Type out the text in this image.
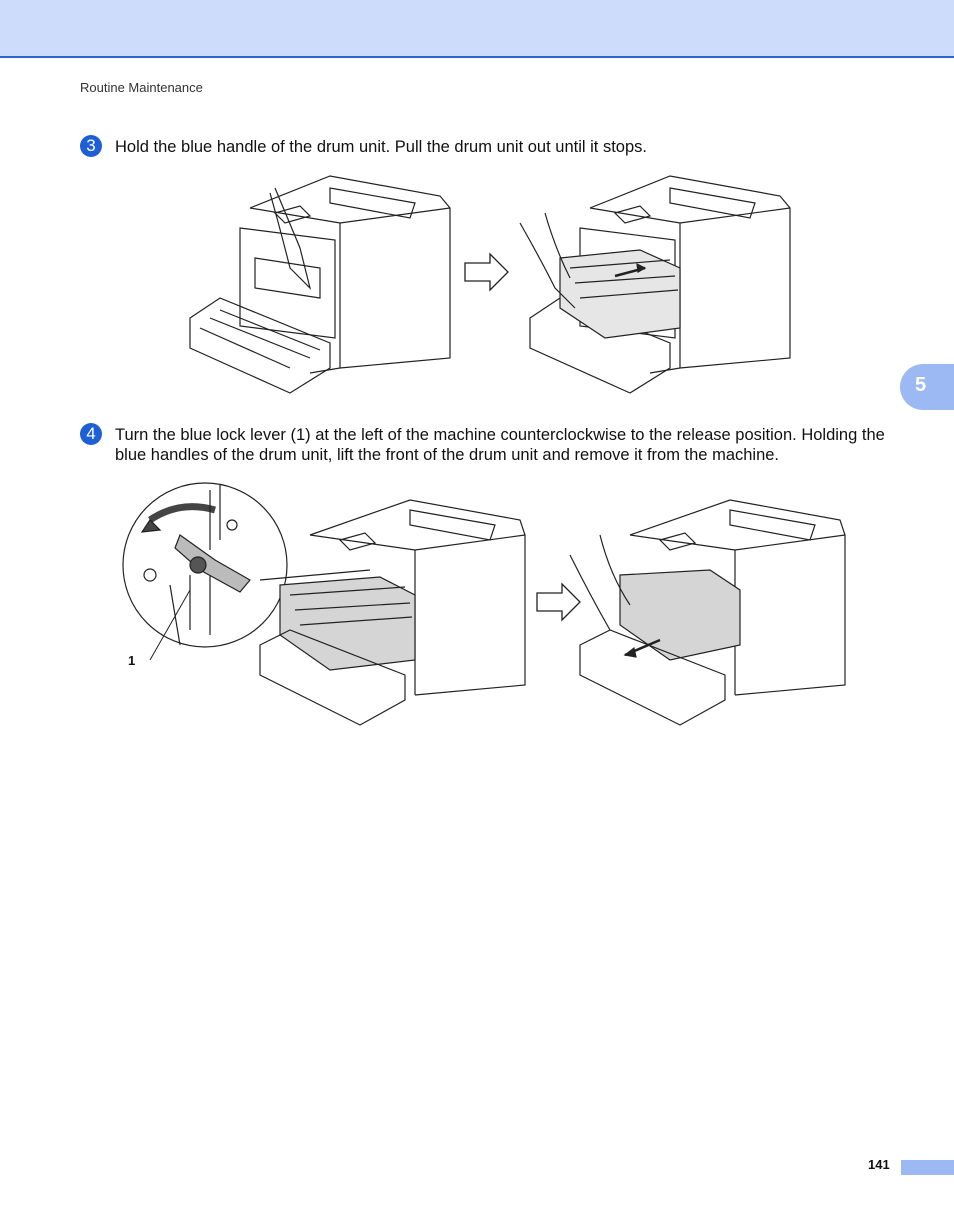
Routine Maintenance
3	Hold the blue handle of the drum unit. Pull the drum unit out until it stops.
5
4	Turn the blue lock lever (1) at the left of the machine counterclockwise to the release position. Holding the blue handles of the drum unit, lift the front of the drum unit and remove it from the machine.
1
141
